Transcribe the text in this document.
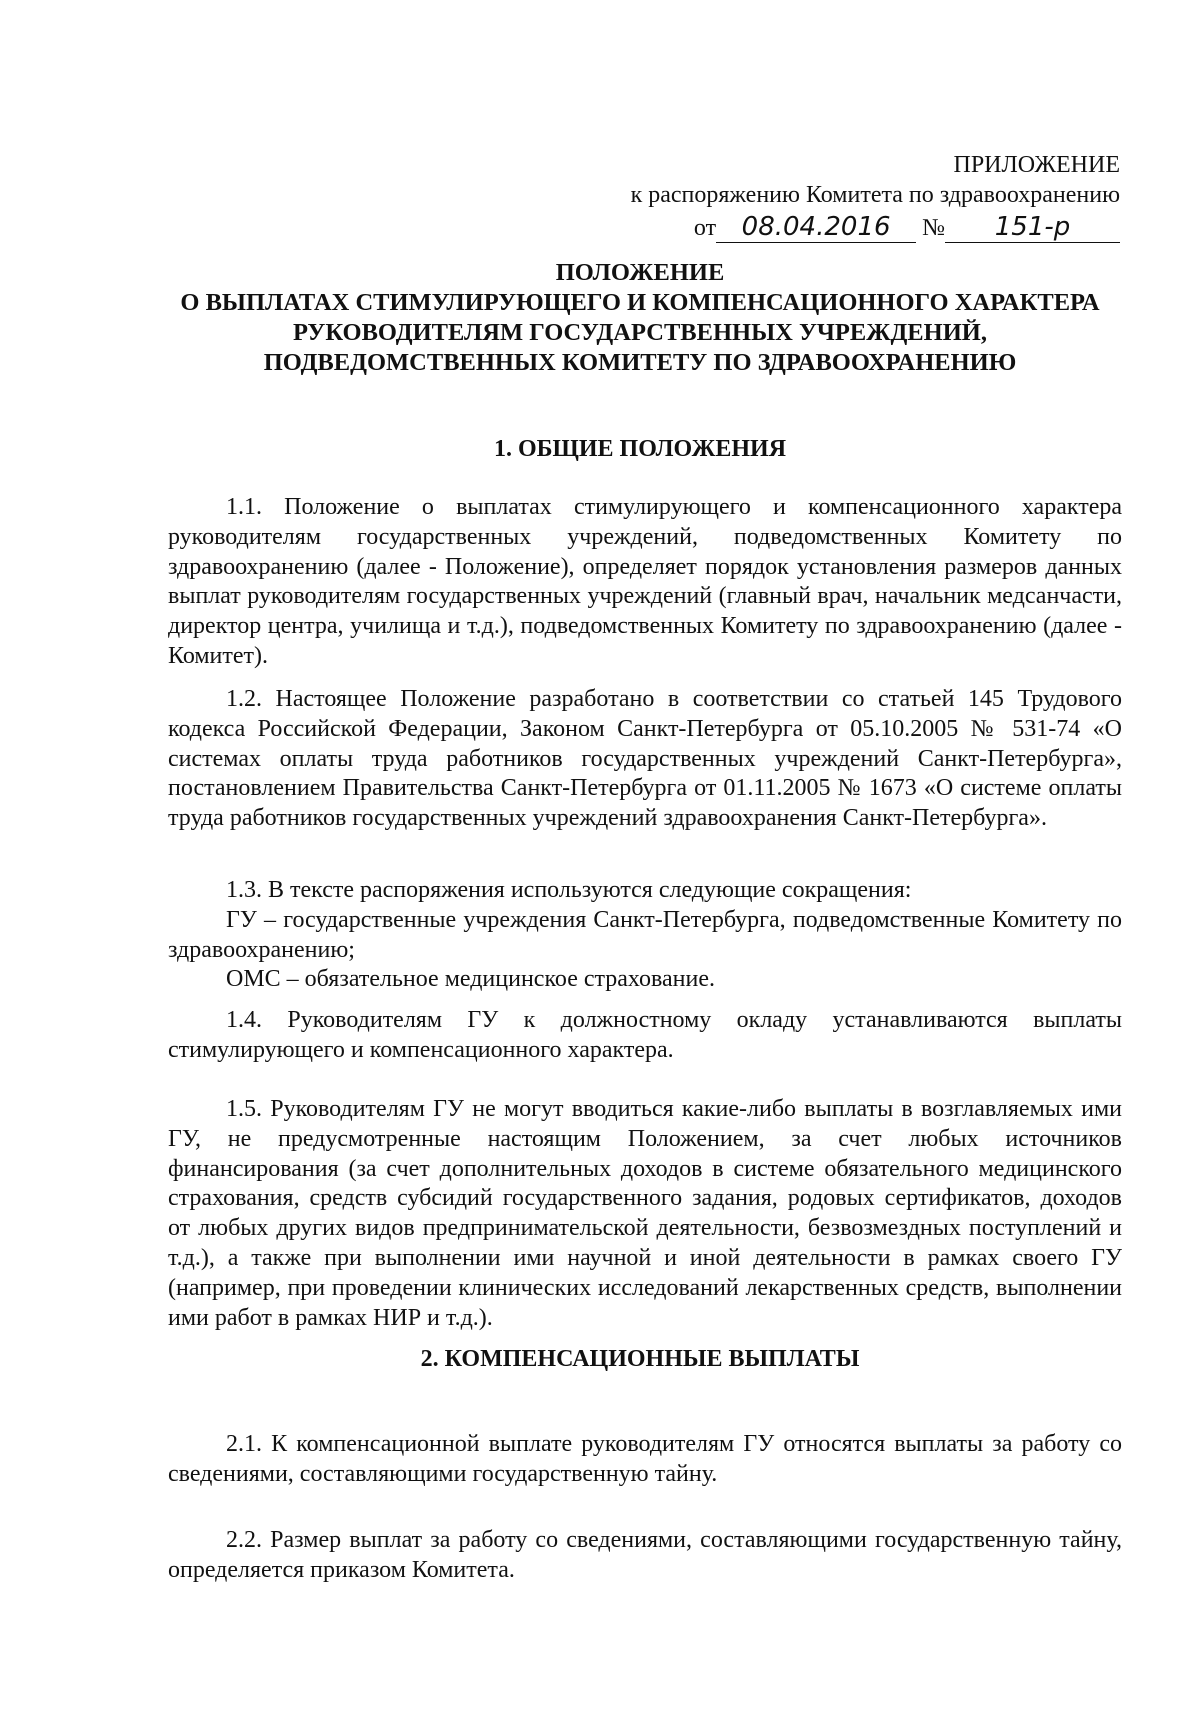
ПРИЛОЖЕНИЕ
к распоряжению Комитета по здравоохранению
от 08.04.2016 № 151-р
ПОЛОЖЕНИЕ
О ВЫПЛАТАХ СТИМУЛИРУЮЩЕГО И КОМПЕНСАЦИОННОГО ХАРАКТЕРА
РУКОВОДИТЕЛЯМ ГОСУДАРСТВЕННЫХ УЧРЕЖДЕНИЙ,
ПОДВЕДОМСТВЕННЫХ КОМИТЕТУ ПО ЗДРАВООХРАНЕНИЮ
1. ОБЩИЕ ПОЛОЖЕНИЯ

1.1. Положение о выплатах стимулирующего и компенсационного характера руководителям государственных учреждений, подведомственных Комитету по здравоохранению (далее - Положение), определяет порядок установления размеров данных выплат руководителям государственных учреждений (главный врач, начальник медсанчасти, директор центра, училища и т.д.), подведомственных Комитету по здравоохранению (далее - Комитет).

1.2. Настоящее Положение разработано в соответствии со статьей 145 Трудового кодекса Российской Федерации, Законом Санкт-Петербурга от 05.10.2005 № 531-74 «О системах оплаты труда работников государственных учреждений Санкт-Петербурга», постановлением Правительства Санкт-Петербурга от 01.11.2005 № 1673 «О системе оплаты труда работников государственных учреждений здравоохранения Санкт-Петербурга».

1.3. В тексте распоряжения используются следующие сокращения:

ГУ – государственные учреждения Санкт-Петербурга, подведомственные Комитету по здравоохранению;

ОМС – обязательное медицинское страхование.

1.4. Руководителям ГУ к должностному окладу устанавливаются выплаты стимулирующего и компенсационного характера.

1.5. Руководителям ГУ не могут вводиться какие-либо выплаты в возглавляемых ими ГУ, не предусмотренные настоящим Положением, за счет любых источников финансирования (за счет дополнительных доходов в системе обязательного медицинского страхования, средств субсидий государственного задания, родовых сертификатов, доходов от любых других видов предпринимательской деятельности, безвозмездных поступлений и т.д.), а также при выполнении ими научной и иной деятельности в рамках своего ГУ (например, при проведении клинических исследований лекарственных средств, выполнении ими работ в рамках НИР и т.д.).

2. КОМПЕНСАЦИОННЫЕ ВЫПЛАТЫ

2.1. К компенсационной выплате руководителям ГУ относятся выплаты за работу со сведениями, составляющими государственную тайну.

2.2. Размер выплат за работу со сведениями, составляющими государственную тайну, определяется приказом Комитета.
